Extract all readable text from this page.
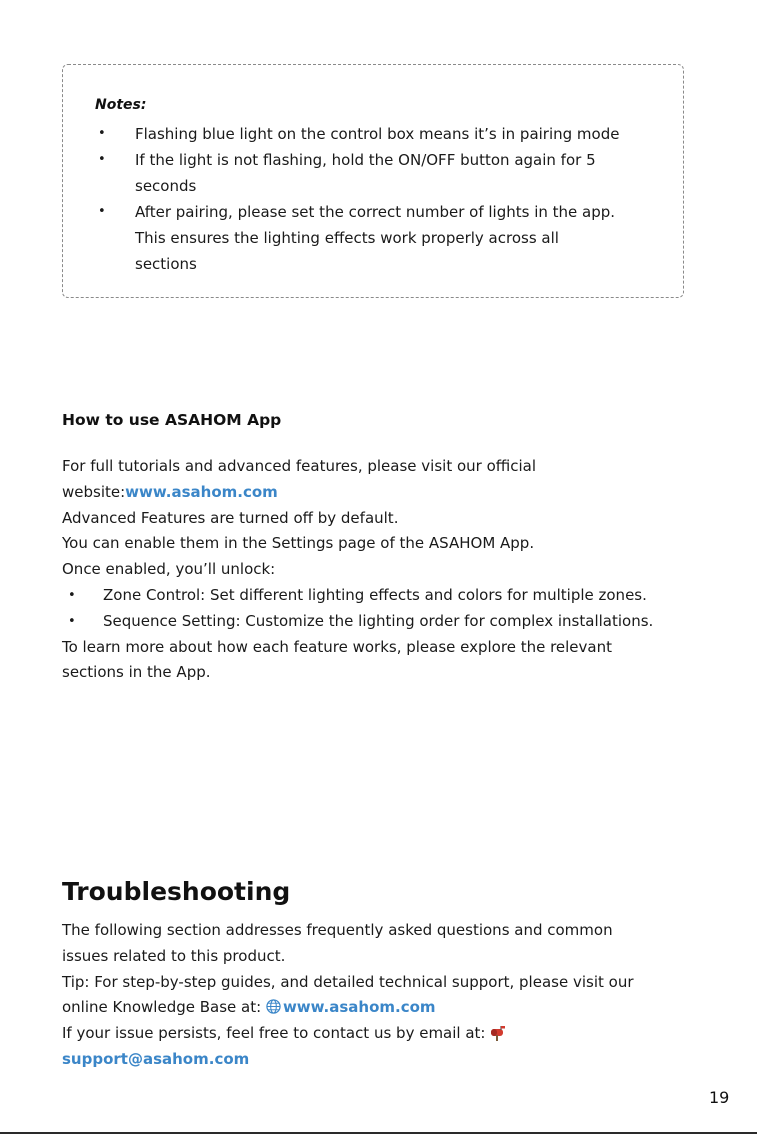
Notes:
• Flashing blue light on the control box means it’s in pairing mode
• If the light is not flashing, hold the ON/OFF button again for 5
seconds
• After pairing, please set the correct number of lights in the app.
This ensures the lighting effects work properly across all
sections
How to use ASAHOM App
For full tutorials and advanced features, please visit our official
website:www.asahom.com
Advanced Features are turned off by default.
You can enable them in the Settings page of the ASAHOM App.
Once enabled, you’ll unlock:
• Zone Control: Set different lighting effects and colors for multiple zones.
• Sequence Setting: Customize the lighting order for complex installations.
To learn more about how each feature works, please explore the relevant
sections in the App.
Troubleshooting
The following section addresses frequently asked questions and common
issues related to this product.
Tip: For step-by-step guides, and detailed technical support, please visit our
online Knowledge Base at: www.asahom.com
If your issue persists, feel free to contact us by email at:
support@asahom.com
19
